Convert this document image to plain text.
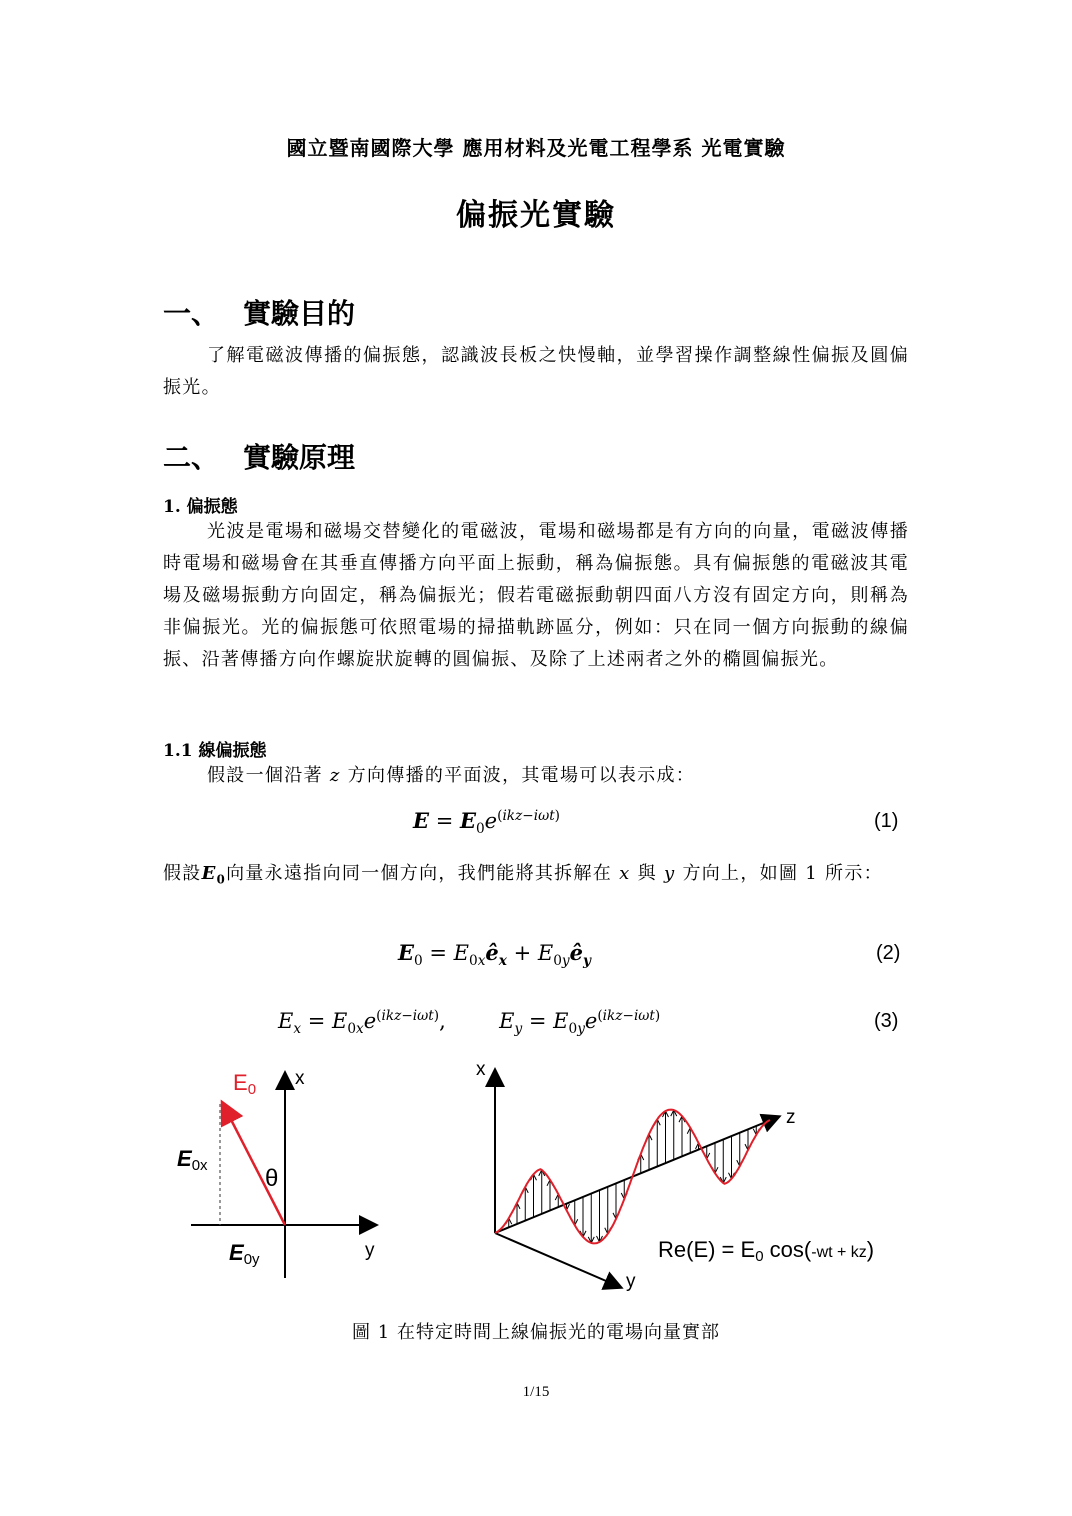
國立暨南國際大學 應用材料及光電工程學系 光電實驗
偏振光實驗
一、 實驗目的
了解電磁波傳播的偏振態，認識波長板之快慢軸，並學習操作調整線性偏振及圓偏振光。
二、 實驗原理
1. 偏振態
光波是電場和磁場交替變化的電磁波，電場和磁場都是有方向的向量，電磁波傳播時電場和磁場會在其垂直傳播方向平面上振動，稱為偏振態。具有偏振態的電磁波其電場及磁場振動方向固定，稱為偏振光；假若電磁振動朝四面八方沒有固定方向，則稱為非偏振光。光的偏振態可依照電場的掃描軌跡區分，例如：只在同一個方向振動的線偏振、沿著傳播方向作螺旋狀旋轉的圓偏振、及除了上述兩者之外的橢圓偏振光。
1.1 線偏振態
假設一個沿著 z 方向傳播的平面波，其電場可以表示成：
$E = E_0e^{(ikz-i\omega t)}$	(1)
假設$E_0$向量永遠指向同一個方向，我們能將其拆解在 x 與 y 方向上，如圖 1 所示：
$E_0$ = $E_{0x}ê_x$ + $E_{0y}ê_y$	(2)
$E_x = E_{0x}e^{(ikz-i\omega t)}$,        $E_y = E_{0y}e^{(ikz-i\omega t)}$	(3)
E0
x
y
E0x
E0y
θ
x
y
z
Re(E) = E0 cos(-wt + kz)
圖 1 在特定時間上線偏振光的電場向量實部
1/15
